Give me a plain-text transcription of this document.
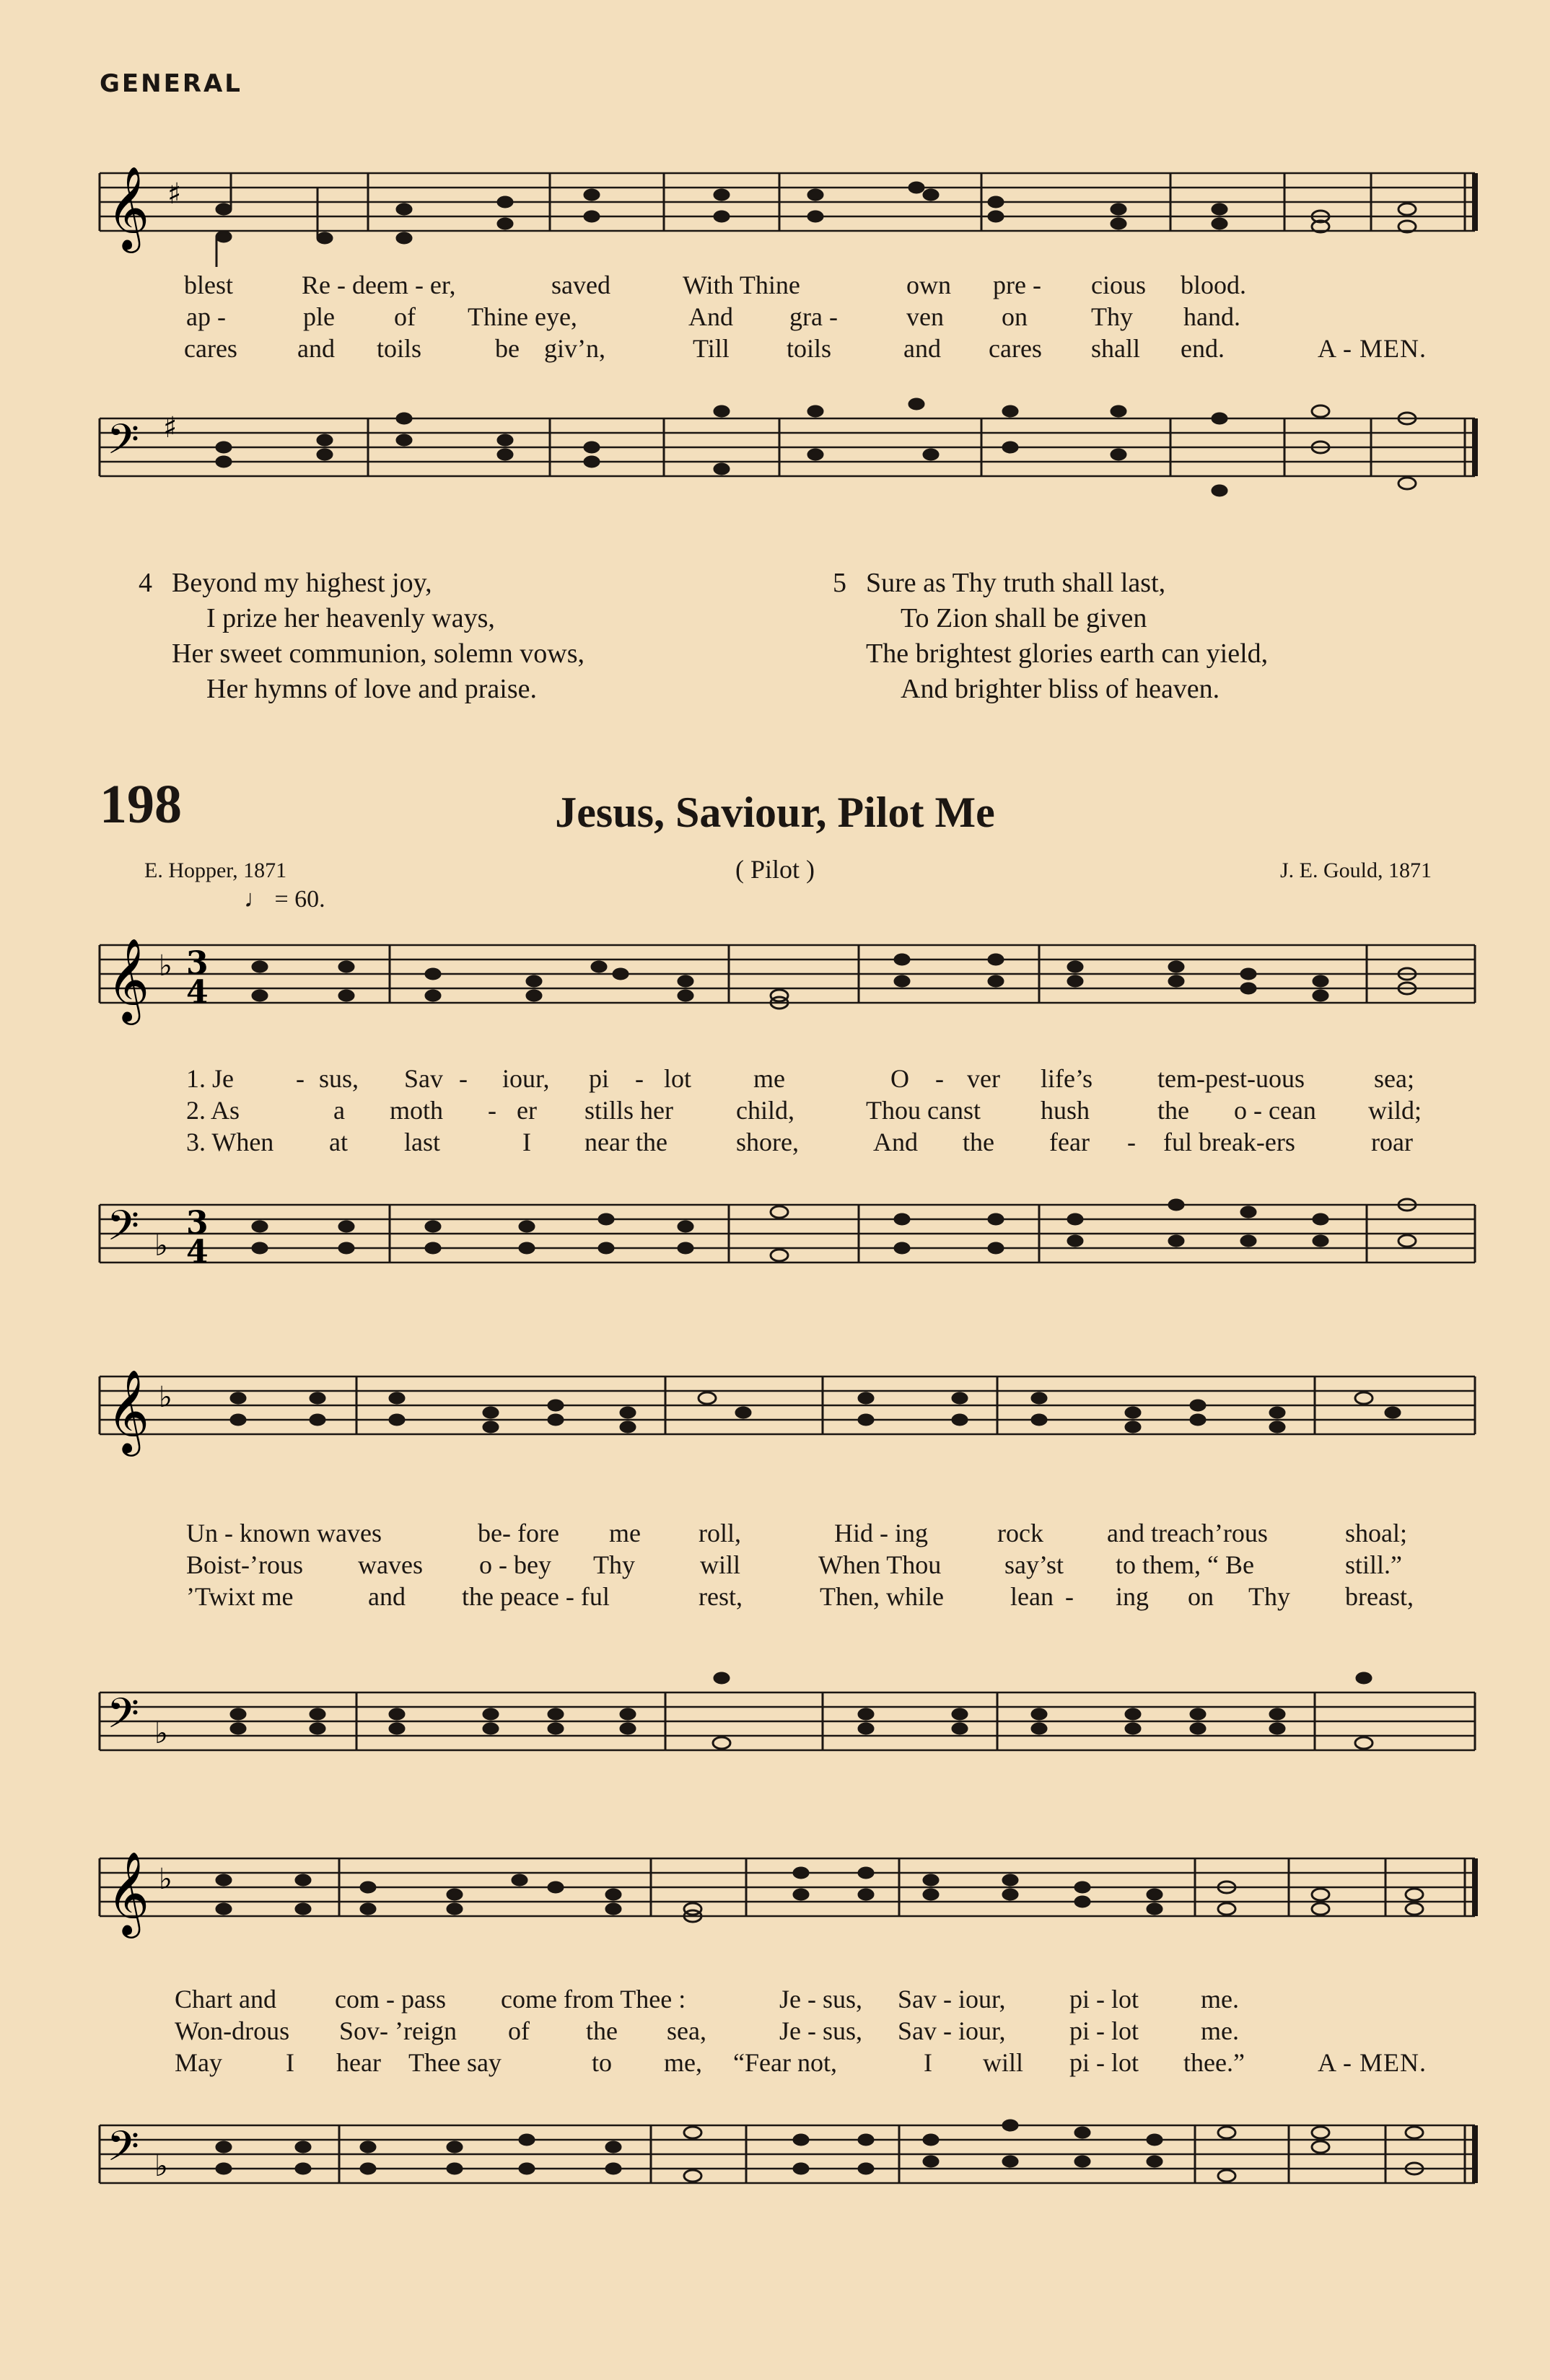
GENERAL
𝄞 ♯
blest	Re - deem - er,	saved	With Thine	own pre - cious blood.
ap -	ple of Thine eye,	And gra -	ven on Thy hand.
cares and toils	be giv’n,	Till toils	and cares shall end.	A - MEN.
𝄢 ♯
4 Beyond my highest joy,
I prize her heavenly ways,
Her sweet communion, solemn vows,
Her hymns of love and praise.
5 Sure as Thy truth shall last,
To Zion shall be given
The brightest glories earth can yield,
And brighter bliss of heaven.
198	Jesus, Saviour, Pilot Me
E. Hopper, 1871	( Pilot )	J. E. Gould, 1871
♩ = 60.
𝄞 ♭ 3
4
1. Je - sus, Sav - iour, pi - lot me	O - ver life’s	tem-pest-uous	sea;
2. As	a moth - er stills her child,	Thou canst hush	the o - cean wild;
3. When at last	I near the	shore,	And the fear - ful break-ers	roar
𝄢 ♭
3
4
𝄞 ♭
Un - known waves	be- fore me roll,	Hid - ing	rock and treach’rous	shoal;
Boist-’rous waves o - bey Thy	will	When Thou say’st to them, “ Be	still.”
’Twixt me	and the peace - ful	rest,	Then, while	lean - ing on Thy breast,
𝄢 ♭
𝄞 ♭
Chart and com - pass come from Thee :	Je - sus, Sav - iour, pi - lot me.
Won-drous Sov- ’reign of the sea,	Je - sus, Sav - iour, pi - lot me.
May I hear Thee say	to me, “Fear not,	I will pi - lot thee.”	A - MEN.
𝄢 ♭
